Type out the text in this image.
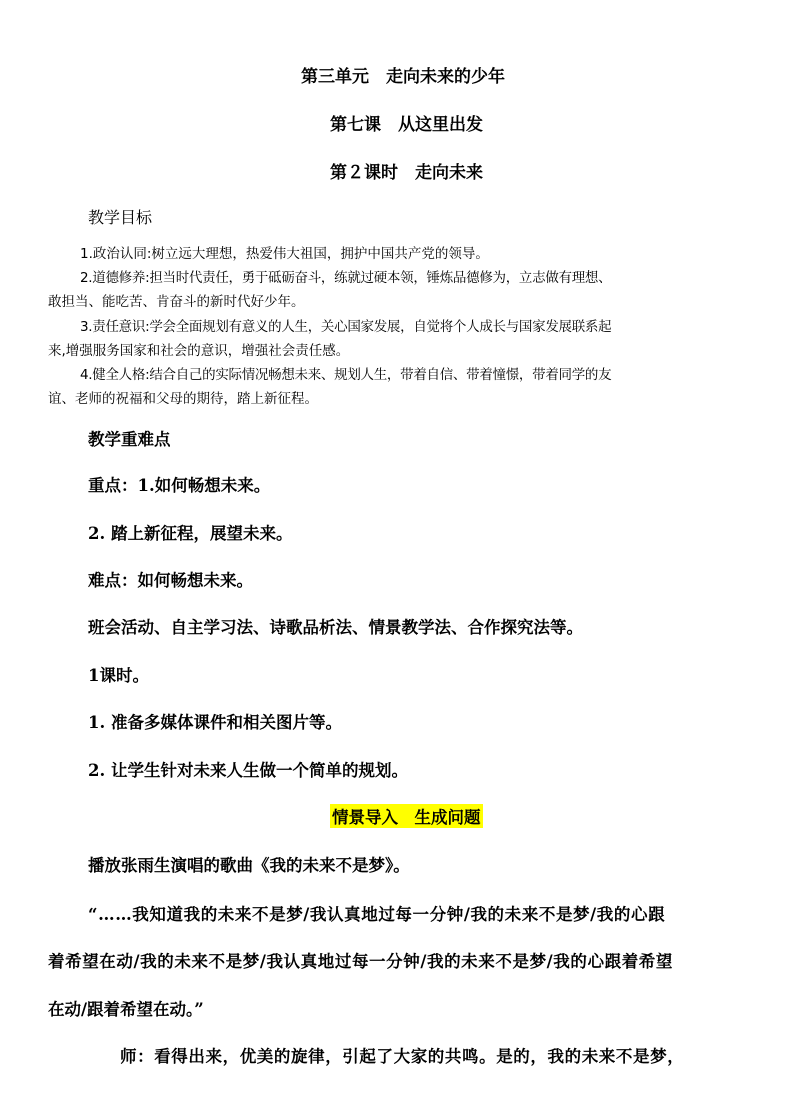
第三单元　走向未来的少年
第七课　从这里出发
第２课时　走向未来
教学目标
1.政治认同:树立远大理想，热爱伟大祖国，拥护中国共产党的领导。
2.道德修养:担当时代责任，勇于砥砺奋斗，练就过硬本领，锤炼品德修为，立志做有理想、
敢担当、能吃苦、肯奋斗的新时代好少年。
3.责任意识:学会全面规划有意义的人生，关心国家发展，自觉将个人成长与国家发展联系起
来,增强服务国家和社会的意识，增强社会责任感。
4.健全人格:结合自己的实际情况畅想未来、规划人生，带着自信、带着憧憬，带着同学的友
谊、老师的祝福和父母的期待，踏上新征程。
教学重难点
重点：1.如何畅想未来。
2. 踏上新征程，展望未来。
难点：如何畅想未来。
班会活动、自主学习法、诗歌品析法、情景教学法、合作探究法等。
1课时。
1. 准备多媒体课件和相关图片等。
2. 让学生针对未来人生做一个简单的规划。
情景导入　生成问题
播放张雨生演唱的歌曲《我的未来不是梦》。
“……我知道我的未来不是梦/我认真地过每一分钟/我的未来不是梦/我的心跟
着希望在动/我的未来不是梦/我认真地过每一分钟/我的未来不是梦/我的心跟着希望
在动/跟着希望在动。”
师：看得出来，优美的旋律，引起了大家的共鸣。是的，我的未来不是梦，
